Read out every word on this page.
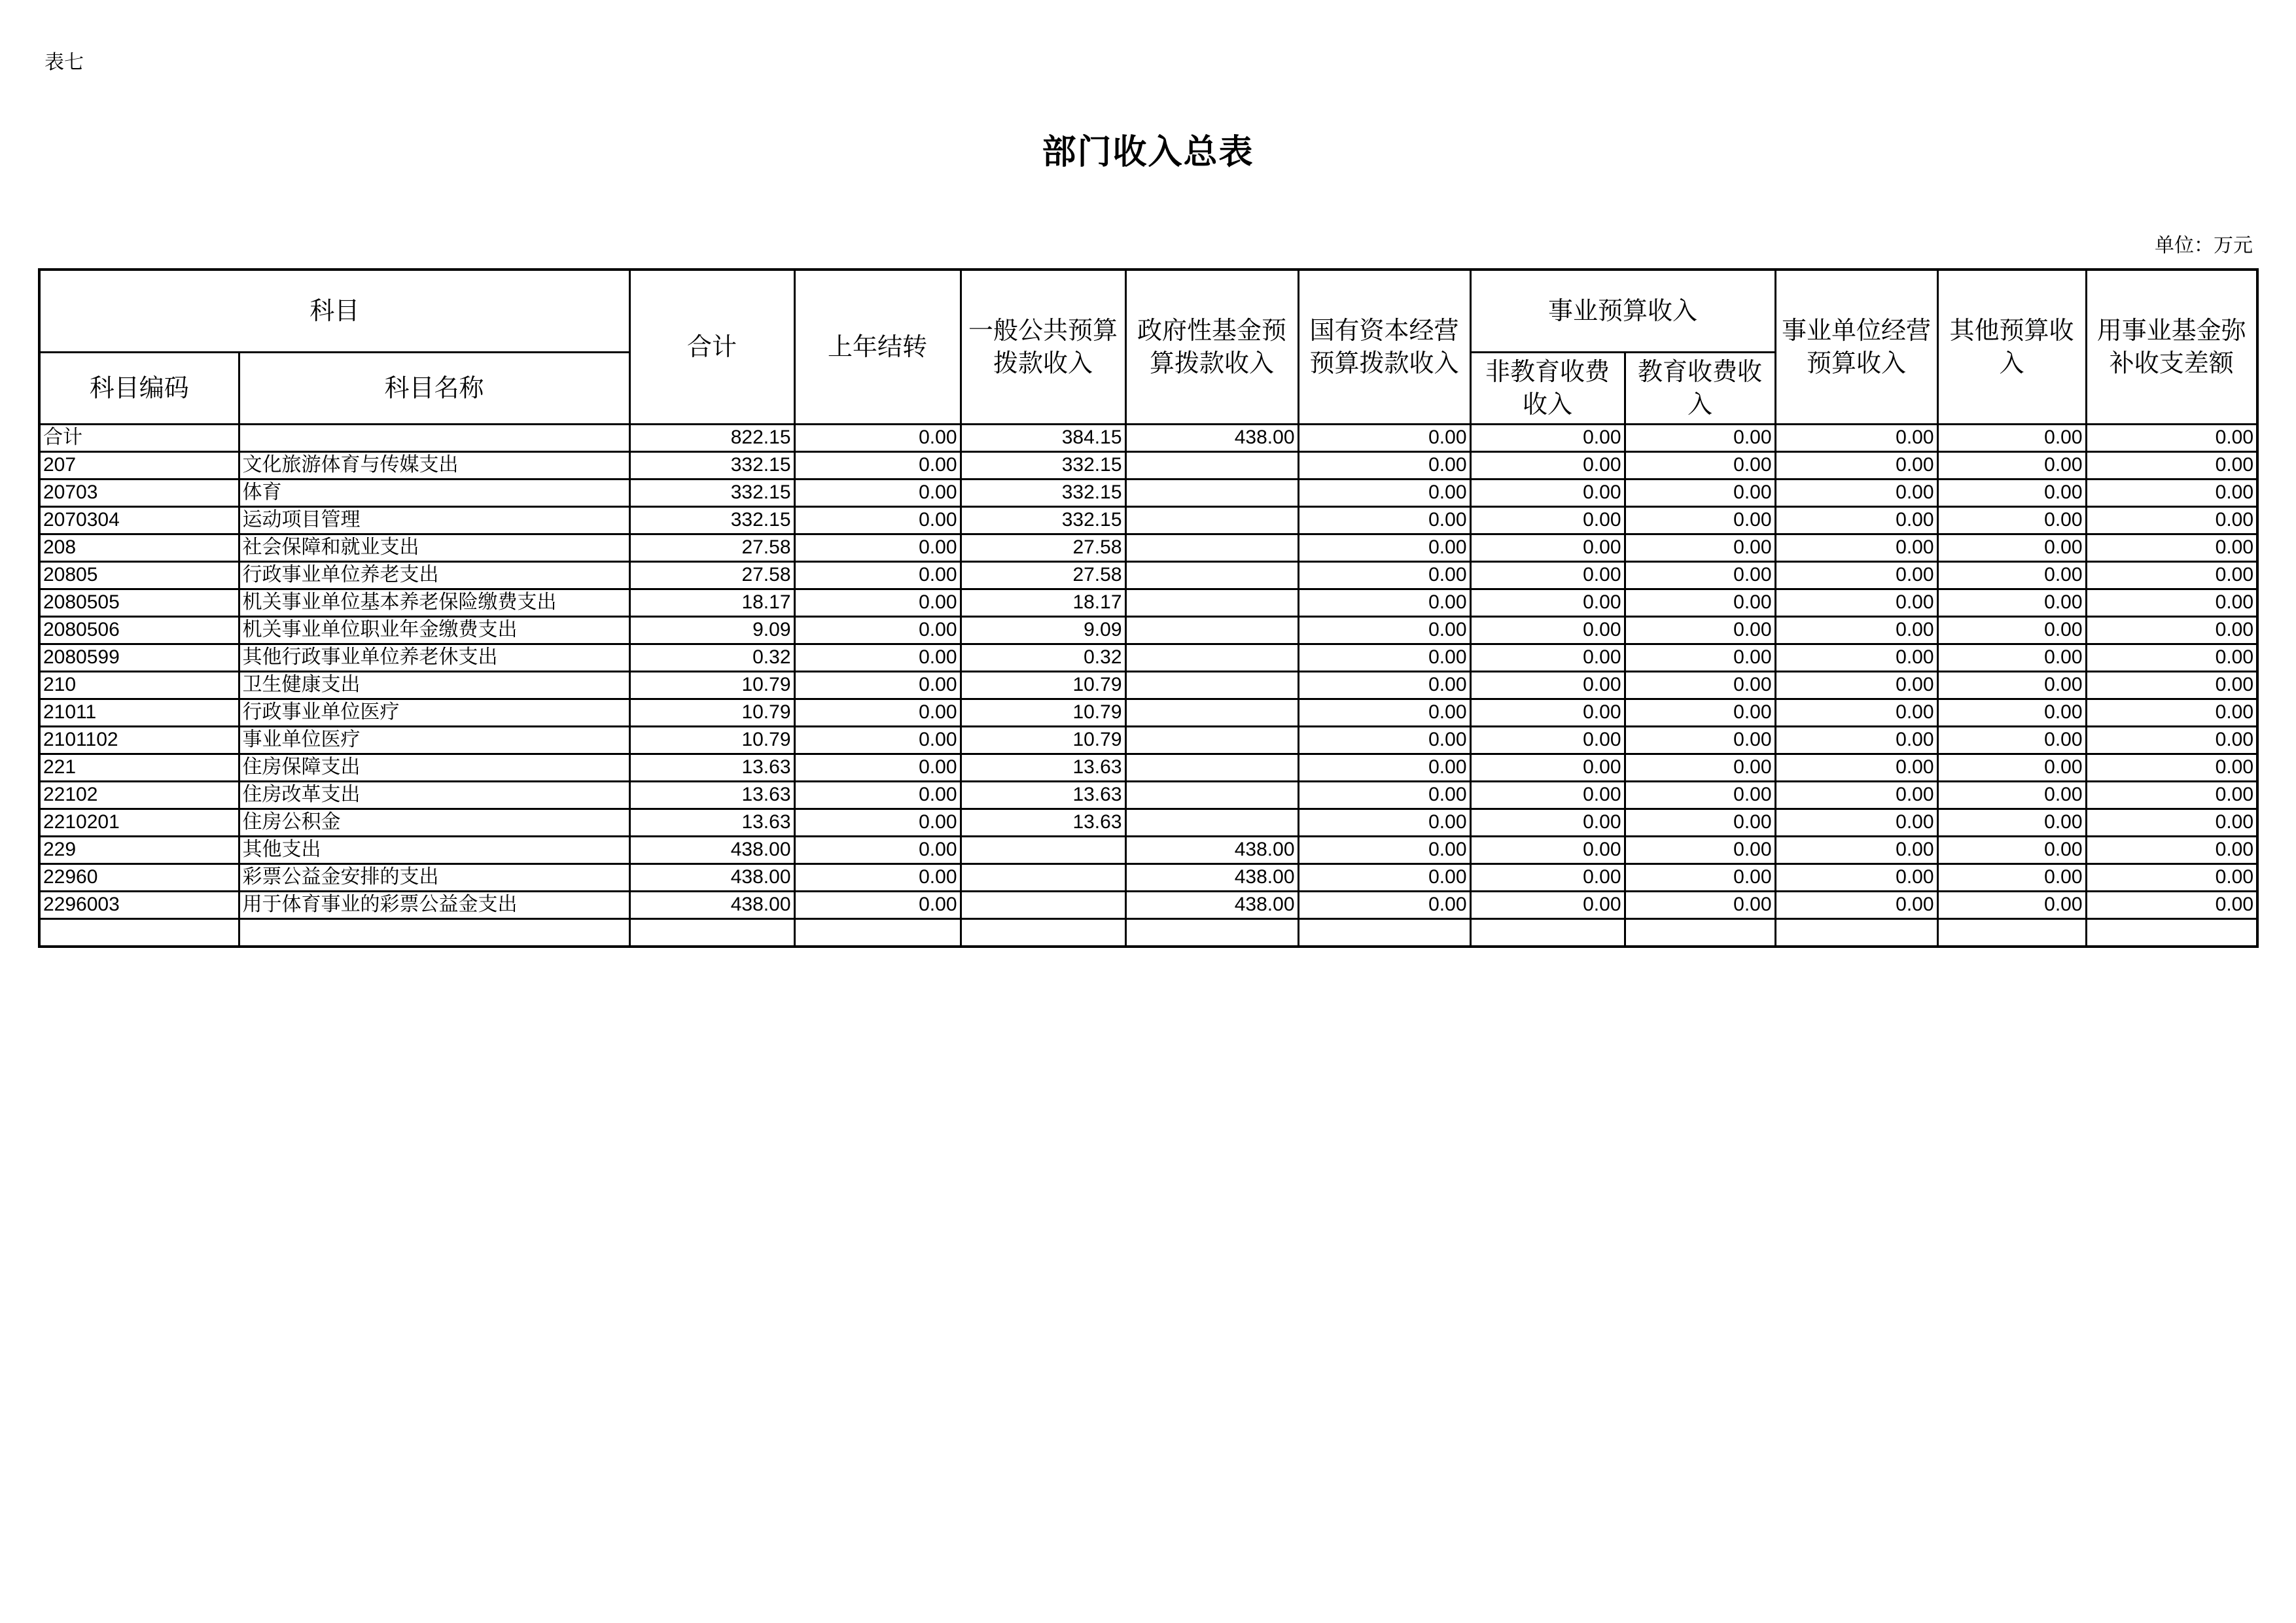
表七
部门收入总表
单位：万元
科目		合计	上年结转	一般公共预算拨款收入	政府性基金预算拨款收入	国有资本经营预算拨款收入	事业预算收入		事业单位经营预算收入	其他预算收入	用事业基金弥补收支差额
科目编码	科目名称						非教育收费收入	教育收费收入			
合计		822.15	0.00	384.15	438.00	0.00	0.00	0.00	0.00	0.00	0.00
207	文化旅游体育与传媒支出	332.15	0.00	332.15		0.00	0.00	0.00	0.00	0.00	0.00
20703	体育	332.15	0.00	332.15		0.00	0.00	0.00	0.00	0.00	0.00
2070304	运动项目管理	332.15	0.00	332.15		0.00	0.00	0.00	0.00	0.00	0.00
208	社会保障和就业支出	27.58	0.00	27.58		0.00	0.00	0.00	0.00	0.00	0.00
20805	行政事业单位养老支出	27.58	0.00	27.58		0.00	0.00	0.00	0.00	0.00	0.00
2080505	机关事业单位基本养老保险缴费支出	18.17	0.00	18.17		0.00	0.00	0.00	0.00	0.00	0.00
2080506	机关事业单位职业年金缴费支出	9.09	0.00	9.09		0.00	0.00	0.00	0.00	0.00	0.00
2080599	其他行政事业单位养老休支出	0.32	0.00	0.32		0.00	0.00	0.00	0.00	0.00	0.00
210	卫生健康支出	10.79	0.00	10.79		0.00	0.00	0.00	0.00	0.00	0.00
21011	行政事业单位医疗	10.79	0.00	10.79		0.00	0.00	0.00	0.00	0.00	0.00
2101102	事业单位医疗	10.79	0.00	10.79		0.00	0.00	0.00	0.00	0.00	0.00
221	住房保障支出	13.63	0.00	13.63		0.00	0.00	0.00	0.00	0.00	0.00
22102	住房改革支出	13.63	0.00	13.63		0.00	0.00	0.00	0.00	0.00	0.00
2210201	住房公积金	13.63	0.00	13.63		0.00	0.00	0.00	0.00	0.00	0.00
229	其他支出	438.00	0.00		438.00	0.00	0.00	0.00	0.00	0.00	0.00
22960	彩票公益金安排的支出	438.00	0.00		438.00	0.00	0.00	0.00	0.00	0.00	0.00
2296003	用于体育事业的彩票公益金支出	438.00	0.00		438.00	0.00	0.00	0.00	0.00	0.00	0.00
